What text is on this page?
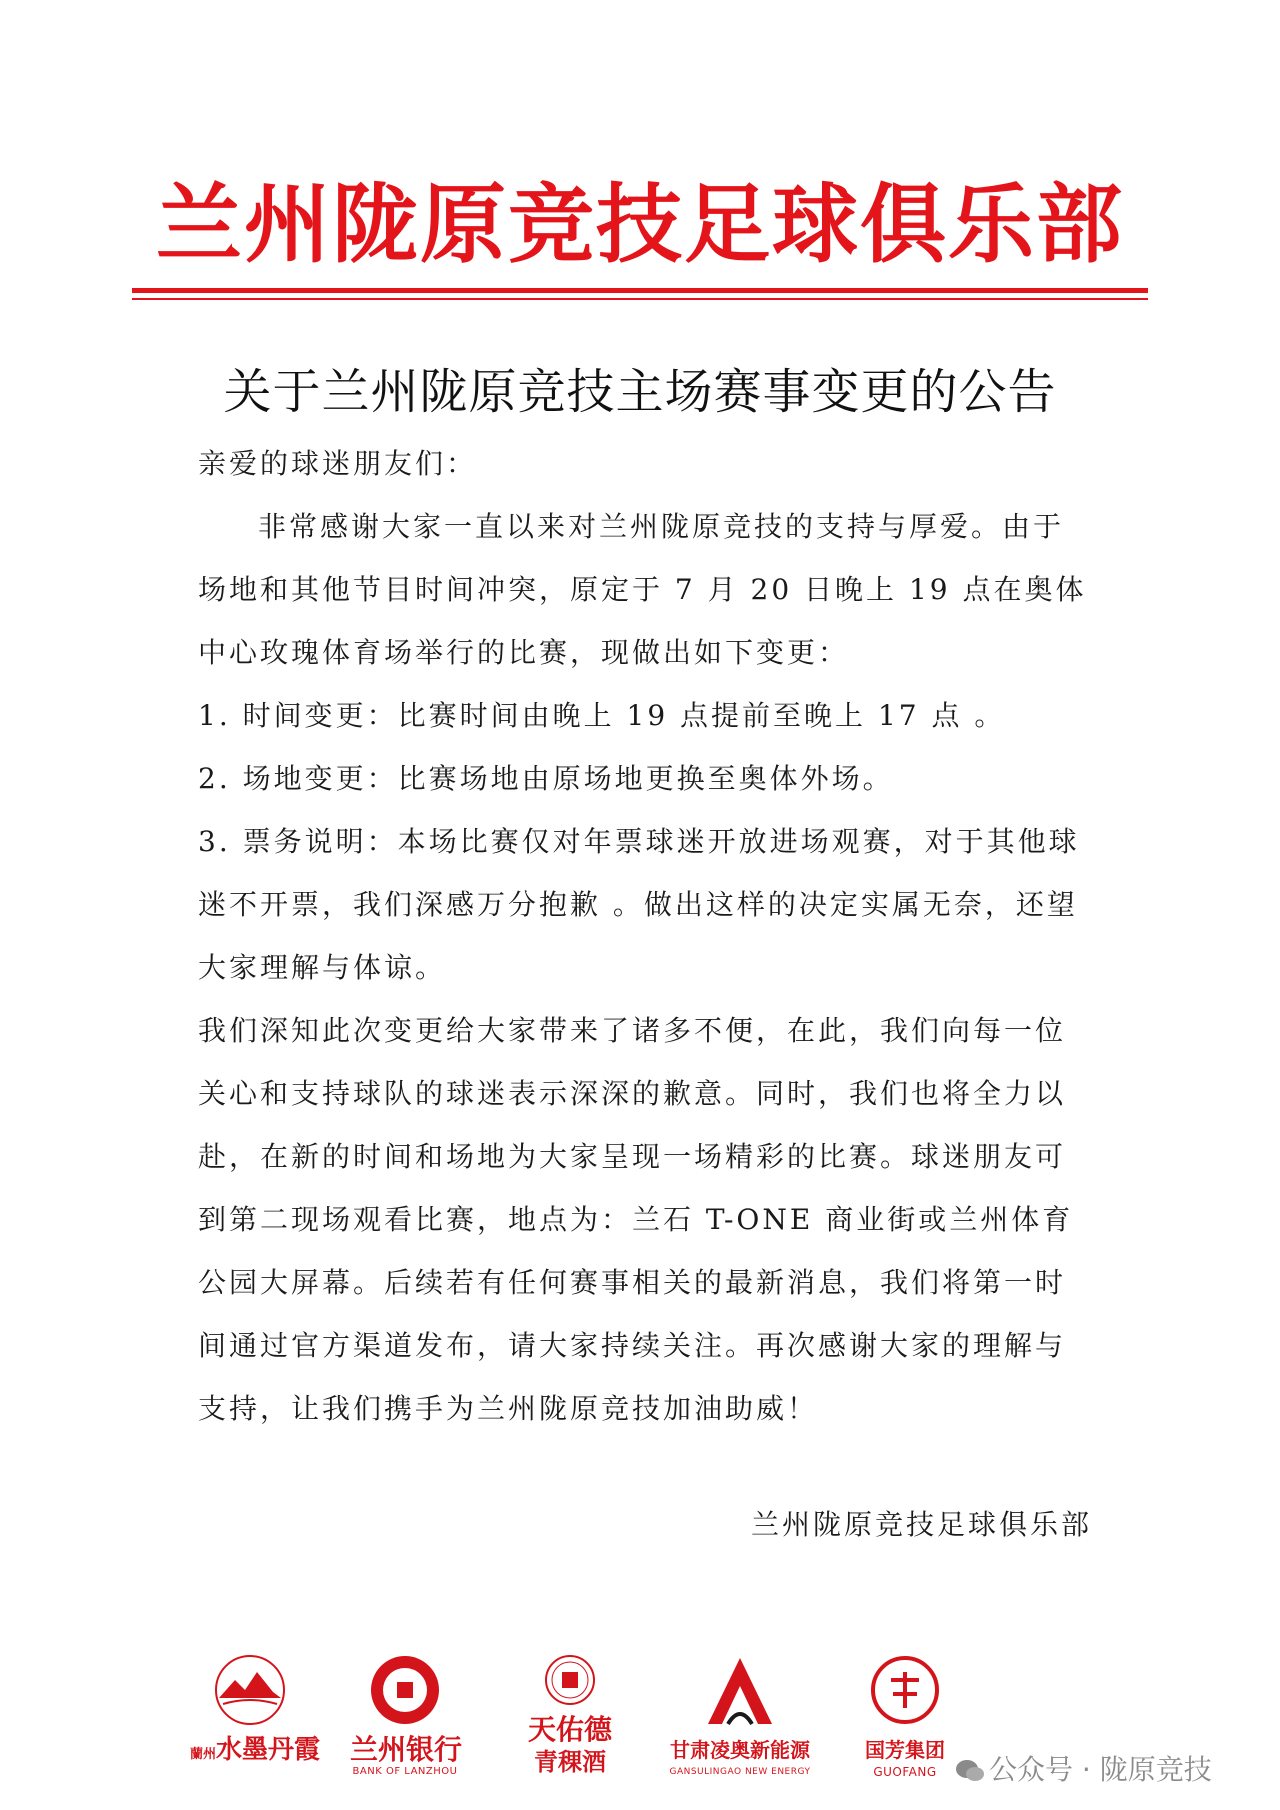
兰州陇原竞技足球俱乐部
关于兰州陇原竞技主场赛事变更的公告

亲爱的球迷朋友们：

非常感谢大家一直以来对兰州陇原竞技的支持与厚爱。由于场地和其他节目时间冲突，原定于 7 月 20 日晚上 19 点在奥体中心玫瑰体育场举行的比赛，现做出如下变更：

1. 时间变更：比赛时间由晚上 19 点提前至晚上 17 点 。

2. 场地变更：比赛场地由原场地更换至奥体外场。

3. 票务说明：本场比赛仅对年票球迷开放进场观赛，对于其他球迷不开票，我们深感万分抱歉 。做出这样的决定实属无奈，还望大家理解与体谅。

我们深知此次变更给大家带来了诸多不便，在此，我们向每一位关心和支持球队的球迷表示深深的歉意。同时，我们也将全力以赴，在新的时间和场地为大家呈现一场精彩的比赛。球迷朋友可到第二现场观看比赛，地点为：兰石 T-ONE 商业街或兰州体育公园大屏幕。后续若有任何赛事相关的最新消息，我们将第一时间通过官方渠道发布，请大家持续关注。再次感谢大家的理解与支持，让我们携手为兰州陇原竞技加油助威！

兰州陇原竞技足球俱乐部
蘭州水墨丹霞 兰州银行
BANK OF LANZHOU
天佑德
青稞酒	甘肃凌奥新能源
GANSULINGAO NEW ENERGY
国芳集团
GUOFANG	公众号 · 陇原竞技
